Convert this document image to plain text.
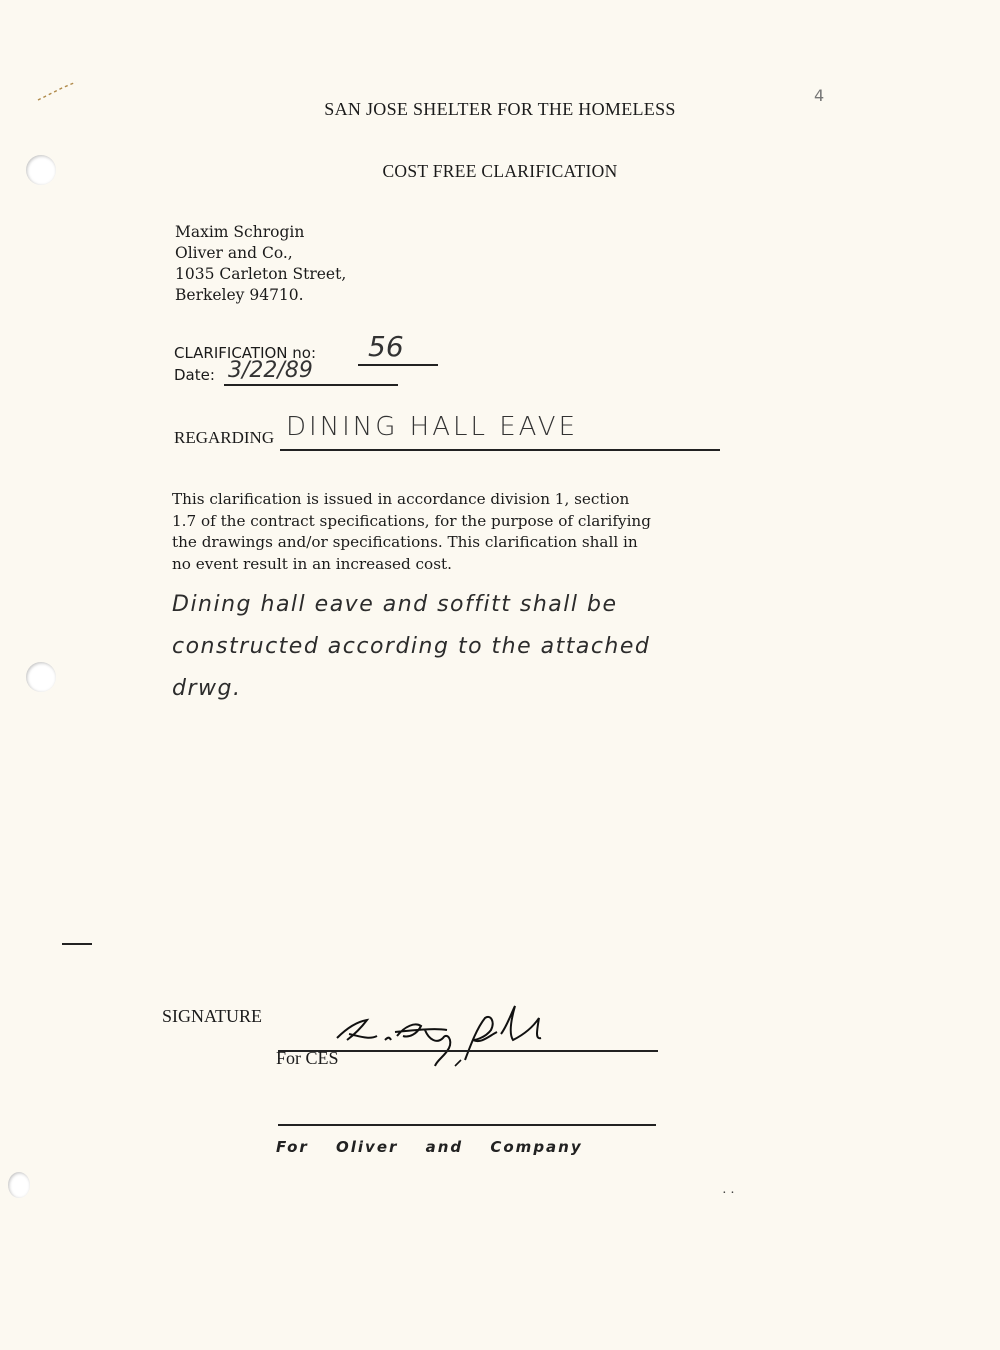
4
SAN JOSE SHELTER FOR THE HOMELESS
COST FREE CLARIFICATION
Maxim Schrogin
Oliver and Co.,
1035 Carleton Street,
Berkeley 94710.
CLARIFICATION no: 56
Date: 3/22/89
REGARDING DINING HALL EAVE
This clarification is issued in accordance division 1, section
1.7 of the contract specifications, for the purpose of clarifying
the drawings and/or specifications. This clarification shall in
no event result in an increased cost.
Dining hall eave and soffitt shall be
constructed according to the attached
drwg.
SIGNATURE
For CES
For Oliver and Company
· ·
